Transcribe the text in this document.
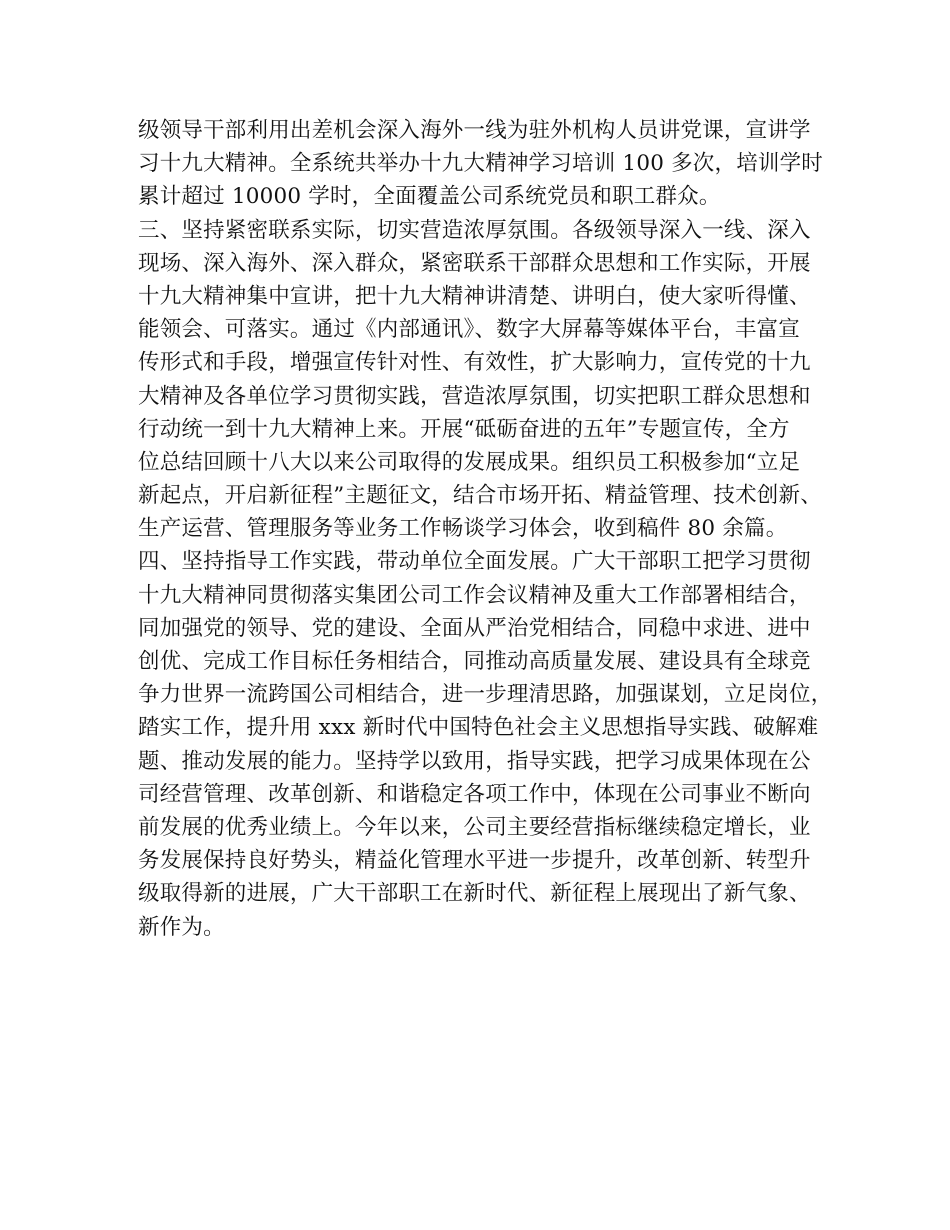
级领导干部利用出差机会深入海外一线为驻外机构人员讲党课，宣讲学
习十九大精神。全系统共举办十九大精神学习培训 100 多次，培训学时
累计超过 10000 学时，全面覆盖公司系统党员和职工群众。
三、坚持紧密联系实际，切实营造浓厚氛围。各级领导深入一线、深入
现场、深入海外、深入群众，紧密联系干部群众思想和工作实际，开展
十九大精神集中宣讲，把十九大精神讲清楚、讲明白，使大家听得懂、
能领会、可落实。通过《内部通讯》、数字大屏幕等媒体平台，丰富宣
传形式和手段，增强宣传针对性、有效性，扩大影响力，宣传党的十九
大精神及各单位学习贯彻实践，营造浓厚氛围，切实把职工群众思想和
行动统一到十九大精神上来。开展“砥砺奋进的五年”专题宣传，全方
位总结回顾十八大以来公司取得的发展成果。组织员工积极参加“立足
新起点，开启新征程”主题征文，结合市场开拓、精益管理、技术创新、
生产运营、管理服务等业务工作畅谈学习体会，收到稿件 80 余篇。
四、坚持指导工作实践，带动单位全面发展。广大干部职工把学习贯彻
十九大精神同贯彻落实集团公司工作会议精神及重大工作部署相结合，
同加强党的领导、党的建设、全面从严治党相结合，同稳中求进、进中
创优、完成工作目标任务相结合，同推动高质量发展、建设具有全球竞
争力世界一流跨国公司相结合，进一步理清思路，加强谋划，立足岗位，
踏实工作，提升用 xxx 新时代中国特色社会主义思想指导实践、破解难
题、推动发展的能力。坚持学以致用，指导实践，把学习成果体现在公
司经营管理、改革创新、和谐稳定各项工作中，体现在公司事业不断向
前发展的优秀业绩上。今年以来，公司主要经营指标继续稳定增长，业
务发展保持良好势头，精益化管理水平进一步提升，改革创新、转型升
级取得新的进展，广大干部职工在新时代、新征程上展现出了新气象、
新作为。
